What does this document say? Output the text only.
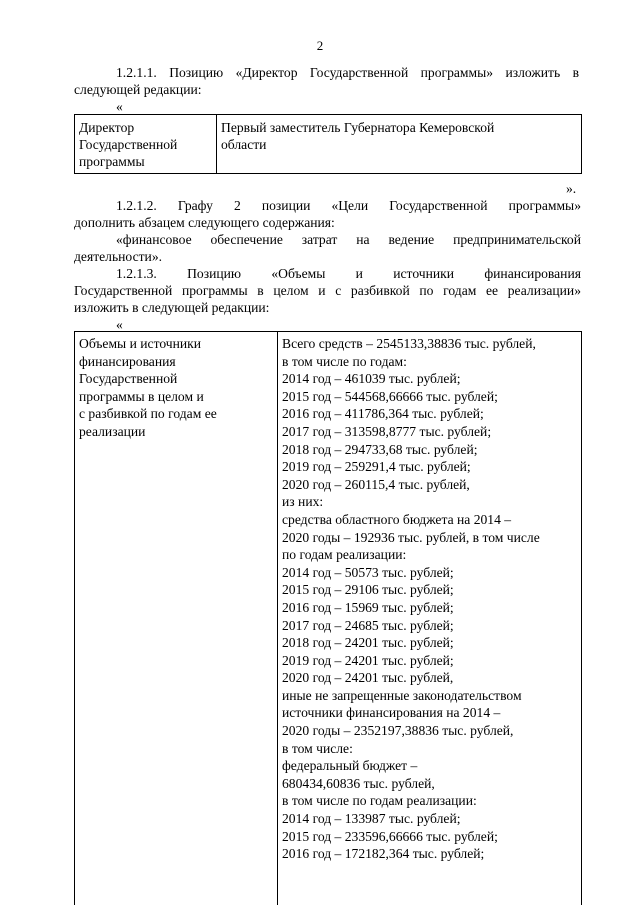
2
1.2.1.1. Позицию «Директор Государственной программы» изложить в
следующей редакции:
«
Директор
Государственной
программы
Первый заместитель Губернатора Кемеровской
области
».
1.2.1.2. Графу 2 позиции «Цели Государственной программы»
дополнить абзацем следующего содержания:
«финансовое обеспечение затрат на ведение предпринимательской
деятельности».
1.2.1.3. Позицию «Объемы и источники финансирования
Государственной программы в целом и с разбивкой по годам ее реализации»
изложить в следующей редакции:
«
Объемы и источники
финансирования
Государственной
программы в целом и
с разбивкой по годам ее
реализации
Всего средств – 2545133,38836 тыс. рублей,
в том числе по годам:
2014 год – 461039 тыс. рублей;
2015 год – 544568,66666 тыс. рублей;
2016 год – 411786,364 тыс. рублей;
2017 год – 313598,8777 тыс. рублей;
2018 год – 294733,68 тыс. рублей;
2019 год – 259291,4 тыс. рублей;
2020 год – 260115,4 тыс. рублей,
из них:
средства областного бюджета на 2014 –
2020 годы – 192936 тыс. рублей, в том числе
по годам реализации:
2014 год – 50573 тыс. рублей;
2015 год – 29106 тыс. рублей;
2016 год – 15969 тыс. рублей;
2017 год – 24685 тыс. рублей;
2018 год – 24201 тыс. рублей;
2019 год – 24201 тыс. рублей;
2020 год – 24201 тыс. рублей,
иные не запрещенные законодательством
источники финансирования на 2014 –
2020 годы – 2352197,38836 тыс. рублей,
в том числе:
федеральный бюджет –
680434,60836 тыс. рублей,
в том числе по годам реализации:
2014 год – 133987 тыс. рублей;
2015 год – 233596,66666 тыс. рублей;
2016 год – 172182,364 тыс. рублей;
